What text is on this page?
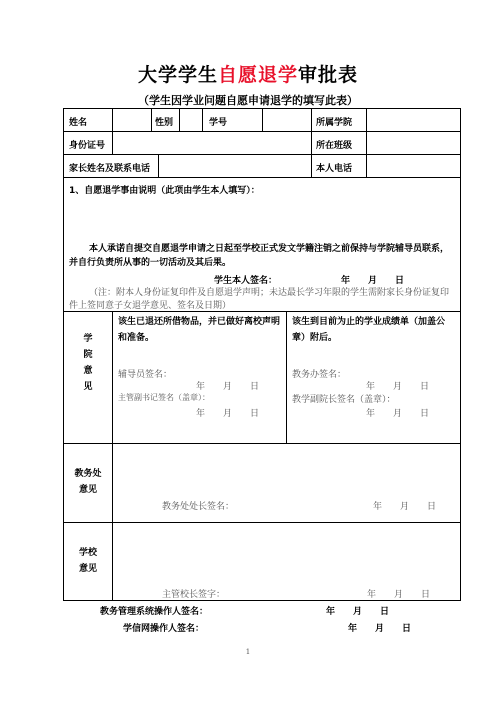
大学学生自愿退学审批表
（学生因学业问题自愿申请退学的填写此表）
姓名	性别	学号	所属学院
身份证号	所在班级
家长姓名及联系电话	本人电话
1、自愿退学事由说明（此项由学生本人填写）：
本人承诺自提交自愿退学申请之日起至学校正式发文学籍注销之前保持与学院辅导员联系，并自行负责所从事的一切活动及其后果。
学生本人签名：	年　　月　　日
（注：附本人身份证复印件及自愿退学声明；未达最长学习年限的学生需附家长身份证复印件上签同意子女退学意见、签名及日期）
学
院
意
见
该生已退还所借物品，并已做好离校声明和准备。
辅导员签名：
年　　月　　日
主管副书记签名（盖章）：
年　　月　　日
该生到目前为止的学业成绩单（加盖公章）附后。
教务办签名：
年　　月　　日
教学副院长签名（盖章）：
年　　月　　日
教务处
意见
教务处处长签名：	年　　月　　日
学校
意见
主管校长签字：	年　　月　　日
教务管理系统操作人签名：	年　　月　　日
学信网操作人签名：	年　　月　　日
1
